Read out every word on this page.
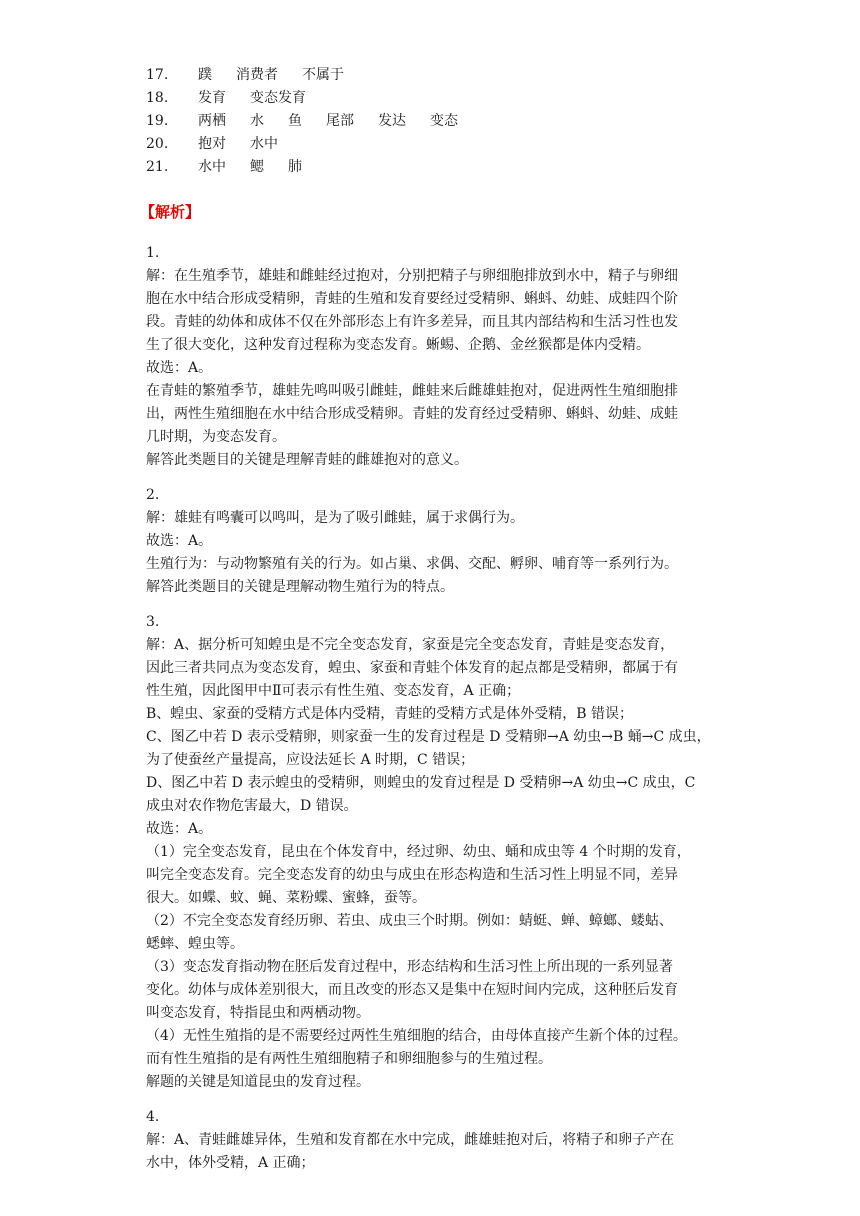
17.	蹼 消费者 不属于
18.	发育 变态发育
19.	两栖 水 鱼 尾部 发达 变态
20.	抱对 水中
21.	水中 鳃 肺
【解析】
1.
解：在生殖季节，雄蛙和雌蛙经过抱对，分别把精子与卵细胞排放到水中，精子与卵细
胞在水中结合形成受精卵，青蛙的生殖和发育要经过受精卵、蝌蚪、幼蛙、成蛙四个阶
段。青蛙的幼体和成体不仅在外部形态上有许多差异，而且其内部结构和生活习性也发
生了很大变化，这种发育过程称为变态发育。蜥蜴、企鹅、金丝猴都是体内受精。
故选：A。
在青蛙的繁殖季节，雄蛙先鸣叫吸引雌蛙，雌蛙来后雌雄蛙抱对，促进两性生殖细胞排
出，两性生殖细胞在水中结合形成受精卵。青蛙的发育经过受精卵、蝌蚪、幼蛙、成蛙
几时期，为变态发育。
解答此类题目的关键是理解青蛙的雌雄抱对的意义。
2.
解：雄蛙有鸣囊可以鸣叫，是为了吸引雌蛙，属于求偶行为。
故选：A。
生殖行为：与动物繁殖有关的行为。如占巢、求偶、交配、孵卵、哺育等一系列行为。
解答此类题目的关键是理解动物生殖行为的特点。
3.
解：A、据分析可知蝗虫是不完全变态发育，家蚕是完全变态发育，青蛙是变态发育，
因此三者共同点为变态发育，蝗虫、家蚕和青蛙个体发育的起点都是受精卵，都属于有
性生殖，因此图甲中Ⅱ可表示有性生殖、变态发育，A 正确；
B、蝗虫、家蚕的受精方式是体内受精，青蛙的受精方式是体外受精，B 错误；
C、图乙中若 D 表示受精卵，则家蚕一生的发育过程是 D 受精卵→A 幼虫→B 蛹→C 成虫，
为了使蚕丝产量提高，应设法延长 A 时期，C 错误；
D、图乙中若 D 表示蝗虫的受精卵，则蝗虫的发育过程是 D 受精卵→A 幼虫→C 成虫，C
成虫对农作物危害最大，D 错误。
故选：A。
（1）完全变态发育，昆虫在个体发育中，经过卵、幼虫、蛹和成虫等 4 个时期的发育，
叫完全变态发育。完全变态发育的幼虫与成虫在形态构造和生活习性上明显不同，差异
很大。如蝶、蚊、蝇、菜粉蝶、蜜蜂，蚕等。
（2）不完全变态发育经历卵、若虫、成虫三个时期。例如：蜻蜓、蝉、蟑螂、蝼蛄、
蟋蟀、蝗虫等。
（3）变态发育指动物在胚后发育过程中，形态结构和生活习性上所出现的一系列显著
变化。幼体与成体差别很大，而且改变的形态又是集中在短时间内完成，这种胚后发育
叫变态发育，特指昆虫和两栖动物。
（4）无性生殖指的是不需要经过两性生殖细胞的结合，由母体直接产生新个体的过程。
而有性生殖指的是有两性生殖细胞精子和卵细胞参与的生殖过程。
解题的关键是知道昆虫的发育过程。
4.
解：A、青蛙雌雄异体，生殖和发育都在水中完成，雌雄蛙抱对后，将精子和卵子产在
水中，体外受精，A 正确；
